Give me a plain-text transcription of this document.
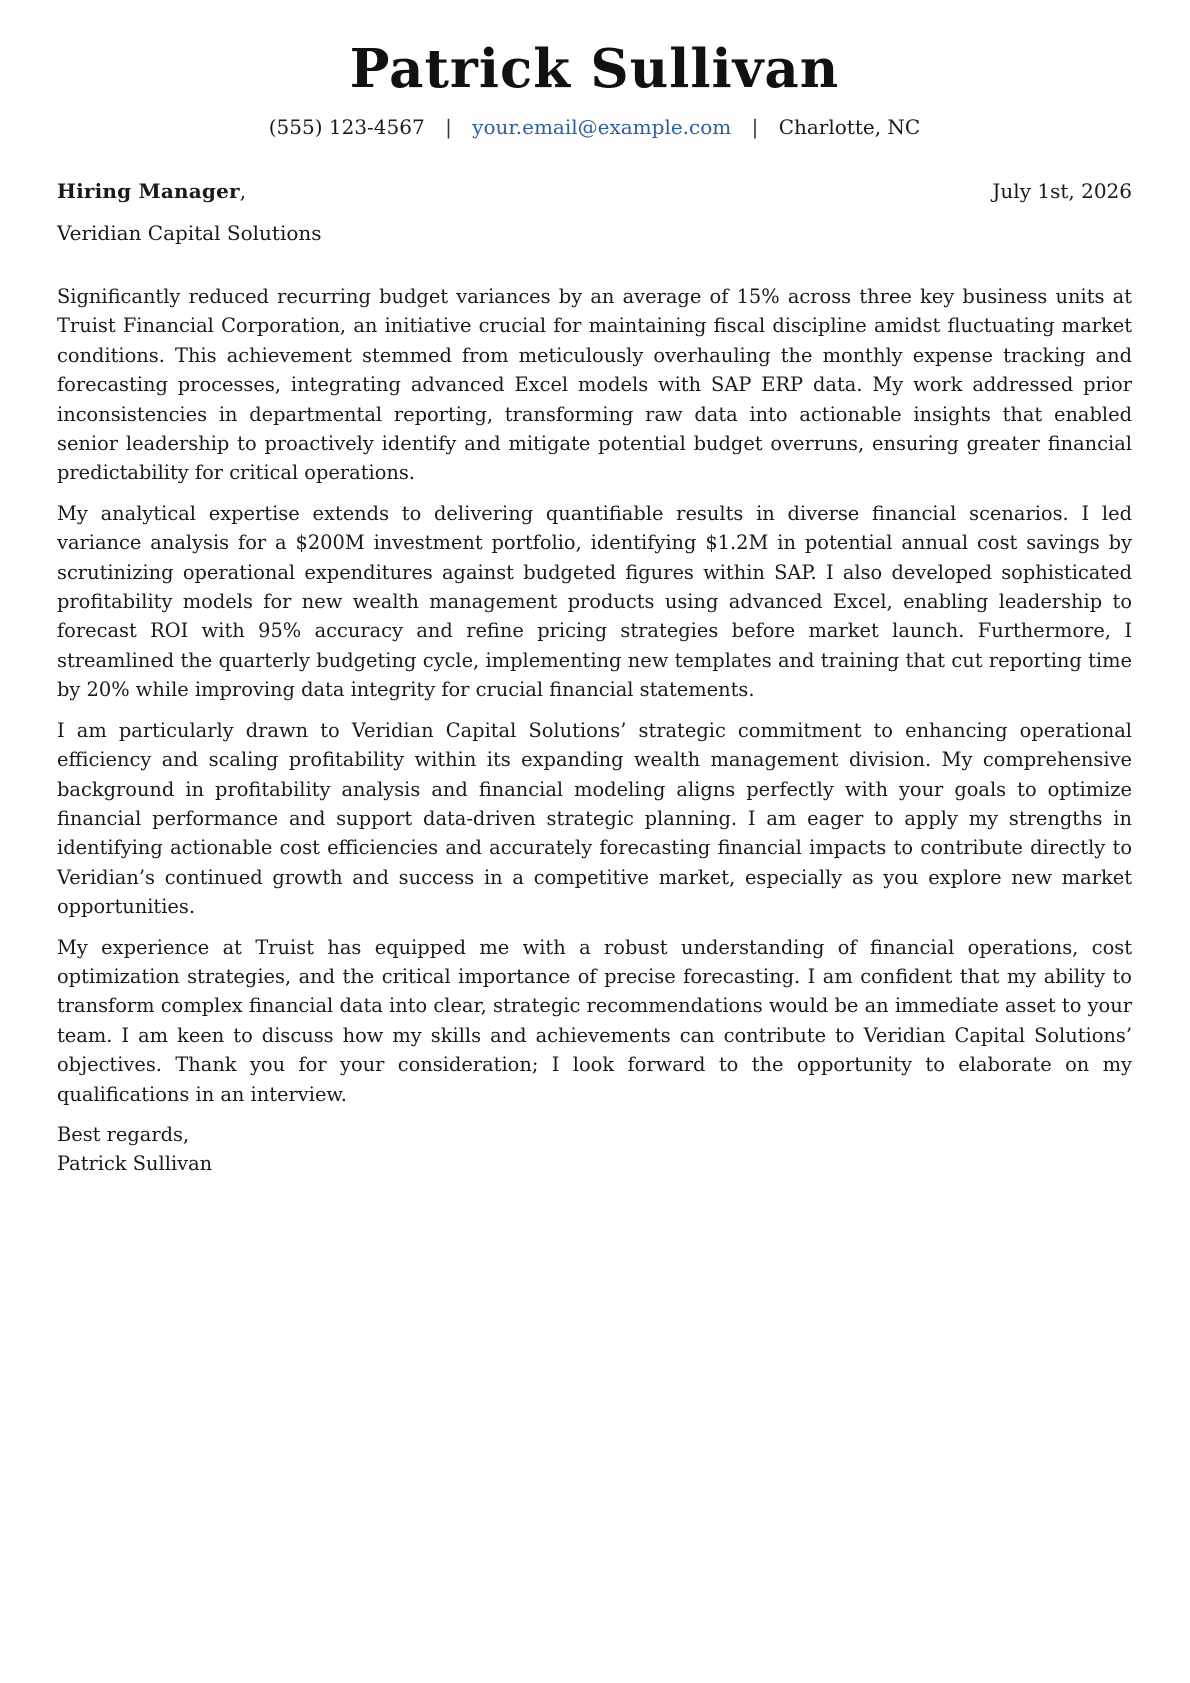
Patrick Sullivan
(555) 123-4567 | your.email@example.com | Charlotte, NC
Hiring Manager,	July 1st, 2026
Veridian Capital Solutions

Significantly reduced recurring budget variances by an average of 15% across three key business units at Truist Financial Corporation, an initiative crucial for maintaining fiscal discipline amidst fluctuating market conditions. This achievement stemmed from meticulously overhauling the monthly expense tracking and forecasting processes, integrating advanced Excel models with SAP ERP data. My work addressed prior inconsistencies in departmental reporting, transforming raw data into actionable insights that enabled senior leadership to proactively identify and mitigate potential budget overruns, ensuring greater financial predictability for critical operations.

My analytical expertise extends to delivering quantifiable results in diverse financial scenarios. I led variance analysis for a $200M investment portfolio, identifying $1.2M in potential annual cost savings by scrutinizing operational expenditures against budgeted figures within SAP. I also developed sophisticated profitability models for new wealth management products using advanced Excel, enabling leadership to forecast ROI with 95% accuracy and refine pricing strategies before market launch. Furthermore, I streamlined the quarterly budgeting cycle, implementing new templates and training that cut reporting time by 20% while improving data integrity for crucial financial statements.

I am particularly drawn to Veridian Capital Solutions’ strategic commitment to enhancing operational efficiency and scaling profitability within its expanding wealth management division. My comprehensive background in profitability analysis and financial modeling aligns perfectly with your goals to optimize financial performance and support data-driven strategic planning. I am eager to apply my strengths in identifying actionable cost efficiencies and accurately forecasting financial impacts to contribute directly to Veridian’s continued growth and success in a competitive market, especially as you explore new market opportunities.

My experience at Truist has equipped me with a robust understanding of financial operations, cost optimization strategies, and the critical importance of precise forecasting. I am confident that my ability to transform complex financial data into clear, strategic recommendations would be an immediate asset to your team. I am keen to discuss how my skills and achievements can contribute to Veridian Capital Solutions’ objectives. Thank you for your consideration; I look forward to the opportunity to elaborate on my qualifications in an interview.

Best regards,
Patrick Sullivan
